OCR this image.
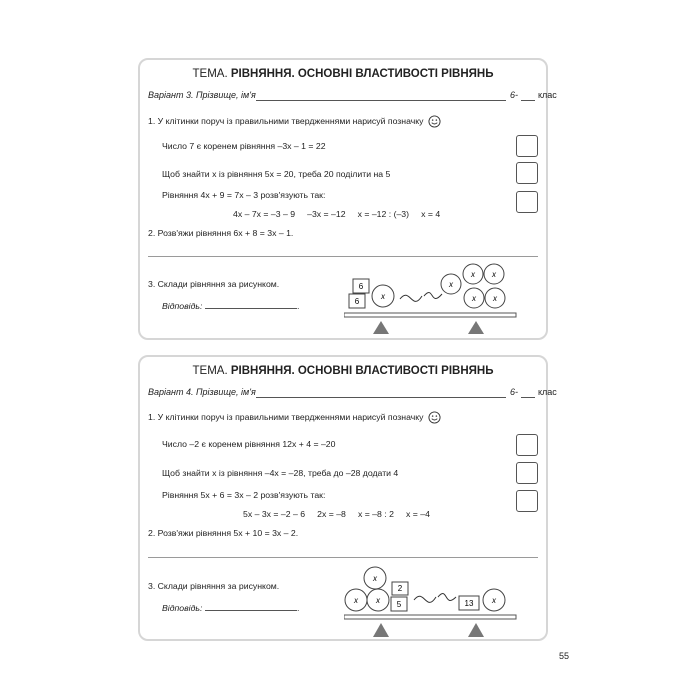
ТЕМА. РІВНЯННЯ. ОСНОВНІ ВЛАСТИВОСТІ РІВНЯНЬ
Варіант 3. Прізвище, ім'я	6- клас
1. У клітинки поруч із правильними твердженнями нарисуй позначку
Число 7 є коренем рівняння –3x – 1 = 22
Щоб знайти x із рівняння 5x = 20, треба 20 поділити на 5
Рівняння 4x + 9 = 7x – 3 розв'язують так:
4x – 7x = –3 – 9     –3x = –12     x = –12 : (–3)     x = 4
2. Розв'яжи рівняння 6x + 8 = 3x – 1.
3. Склади рівняння за рисунком.
Відповідь:	.
6
6
x
x
x x
x x
ТЕМА. РІВНЯННЯ. ОСНОВНІ ВЛАСТИВОСТІ РІВНЯНЬ
Варіант 4. Прізвище, ім'я	6- клас
1. У клітинки поруч із правильними твердженнями нарисуй позначку
Число –2 є коренем рівняння 12x + 4 = –20
Щоб знайти x із рівняння –4x = –28, треба до –28 додати 4
Рівняння 5x + 6 = 3x – 2 розв'язують так:
5x – 3x = –2 – 6     2x = –8     x = –8 : 2     x = –4
2. Розв'яжи рівняння 5x + 10 = 3x – 2.
3. Склади рівняння за рисунком.
Відповідь:	.
x
x x
2
5	13 x
55
